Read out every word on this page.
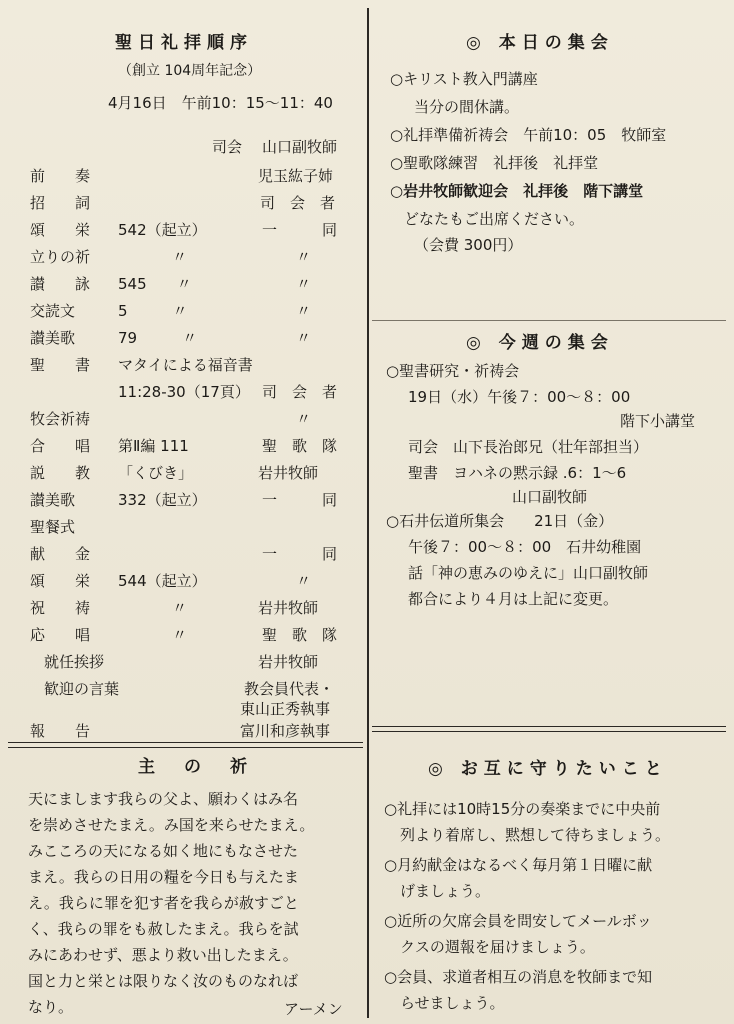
聖日礼拝順序
（創立 104周年記念）
4月16日　午前10：15〜11：40
司会 山口副牧師
前　　奏	児玉紘子姉
招　　詞	司　会　者
頌　　栄 542（起立）	一　　　同
立りの祈	〃	〃
讃　　詠 545　　〃	〃
交読文	5　　　〃	〃
讃美歌	79　　　〃	〃
聖　　書 マタイによる福音書
11:28-30（17頁） 司　会　者
牧会祈祷	〃
合　　唱 第Ⅱ編 111	聖　歌　隊
説　　教 「くびき」	岩井牧師
讃美歌	332（起立）	一　　　同
聖餐式
献　　金	一　　　同
頌　　栄 544（起立）	〃
祝　　祷	〃	岩井牧師
応　　唱	〃	聖　歌　隊
就任挨拶	岩井牧師
歓迎の言葉	教会員代表・
東山正秀執事
報　　告	富川和彦執事
主　の　祈
天にまします我らの父よ、願わくはみ名
を崇めさせたまえ。み国を来らせたまえ。
みこころの天になる如く地にもなさせた
まえ。我らの日用の糧を今日も与えたま
え。我らに罪を犯す者を我らが赦すごと
く、我らの罪をも赦したまえ。我らを試
みにあわせず、悪より救い出したまえ。
国と力と栄とは限りなく汝のものなれば
なり。	アーメン
◎ 本日の集会
○キリスト教入門講座
当分の間休講。
○礼拝準備祈祷会　午前10：05　牧師室
○聖歌隊練習　礼拝後　礼拝堂
○岩井牧師歓迎会　礼拝後　階下講堂
どなたもご出席ください。
（会費 300円）
◎ 今週の集会
○聖書研究・祈祷会
19日（水）午後７：00〜８：00
階下小講堂
司会　山下長治郎兄（壮年部担当）
聖書　ヨハネの黙示録 .6：1〜6
山口副牧師
○石井伝道所集会　　21日（金）
午後７：00〜８：00　石井幼稚園
話「神の恵みのゆえに」山口副牧師
都合により４月は上記に変更。
◎ お互に守りたいこと
○礼拝には10時15分の奏楽までに中央前
列より着席し、黙想して待ちましょう。
○月約献金はなるべく毎月第１日曜に献
げましょう。
○近所の欠席会員を問安してメールボッ
クスの週報を届けましょう。
○会員、求道者相互の消息を牧師まで知
らせましょう。
